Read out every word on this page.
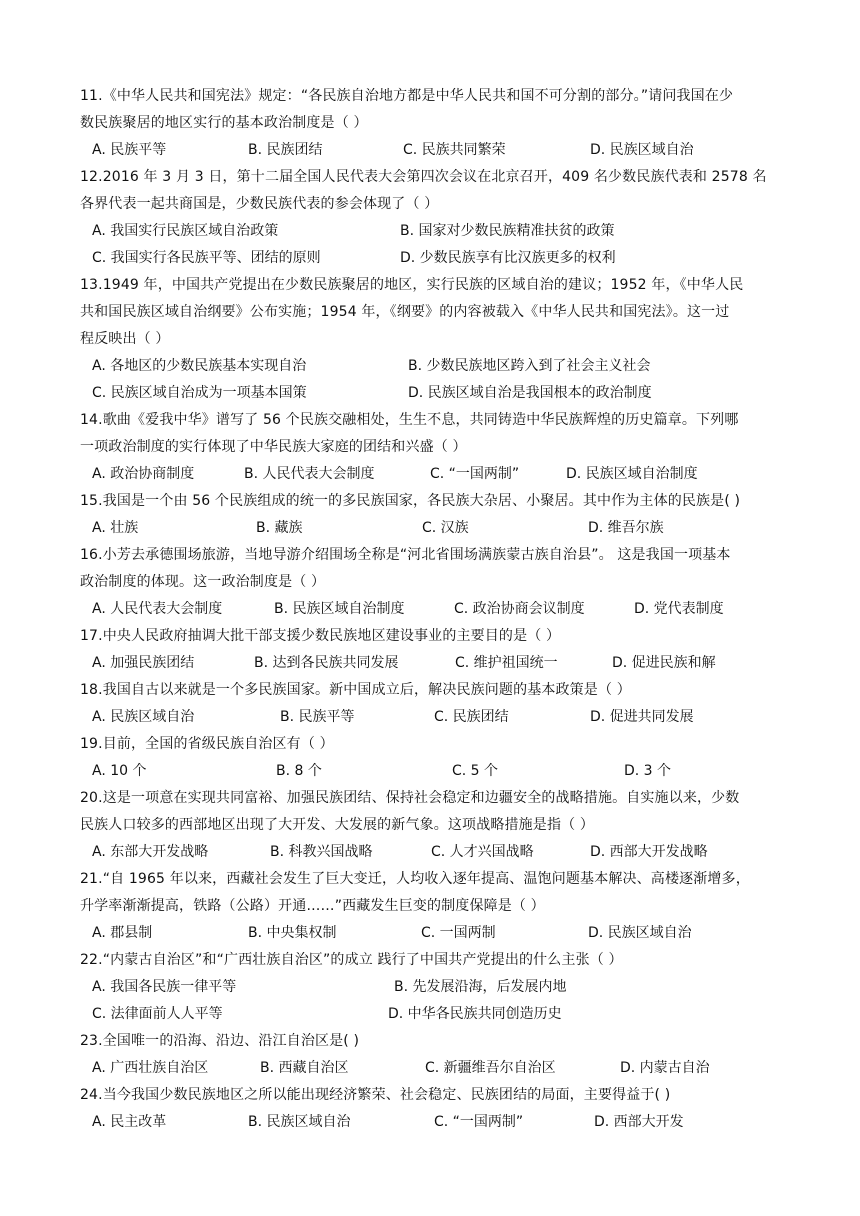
11.《中华人民共和国宪法》规定：“各民族自治地方都是中华人民共和国不可分割的部分。”请问我国在少
数民族聚居的地区实行的基本政治制度是（ ）
A. 民族平等	B. 民族团结	C. 民族共同繁荣	D. 民族区域自治
12.2016 年 3 月 3 日，第十二届全国人民代表大会第四次会议在北京召开，409 名少数民族代表和 2578 名
各界代表一起共商国是，少数民族代表的参会体现了（ ）
A. 我国实行民族区域自治政策	B. 国家对少数民族精准扶贫的政策
C. 我国实行各民族平等、团结的原则	D. 少数民族享有比汉族更多的权利
13.1949 年，中国共产党提出在少数民族聚居的地区，实行民族的区域自治的建议；1952 年，《中华人民
共和国民族区域自治纲要》公布实施；1954 年，《纲要》的内容被载入《中华人民共和国宪法》。这一过
程反映出（ ）
A. 各地区的少数民族基本实现自治	B. 少数民族地区跨入到了社会主义社会
C. 民族区域自治成为一项基本国策	D. 民族区域自治是我国根本的政治制度
14.歌曲《爱我中华》谱写了 56 个民族交融相处，生生不息，共同铸造中华民族辉煌的历史篇章。下列哪
一项政治制度的实行体现了中华民族大家庭的团结和兴盛（ ）
A. 政治协商制度	B. 人民代表大会制度	C. “一国两制”	D. 民族区域自治制度
15.我国是一个由 56 个民族组成的统一的多民族国家，各民族大杂居、小聚居。其中作为主体的民族是( )
A. 壮族	B. 藏族	C. 汉族	D. 维吾尔族
16.小芳去承德围场旅游，当地导游介绍围场全称是“河北省围场满族蒙古族自治县”。 这是我国一项基本
政治制度的体现。这一政治制度是（ ）
A. 人民代表大会制度	B. 民族区域自治制度	C. 政治协商会议制度	D. 党代表制度
17.中央人民政府抽调大批干部支援少数民族地区建设事业的主要目的是（ ）
A. 加强民族团结	B. 达到各民族共同发展	C. 维护祖国统一	D. 促进民族和解
18.我国自古以来就是一个多民族国家。新中国成立后，解决民族问题的基本政策是（ ）
A. 民族区域自治	B. 民族平等	C. 民族团结	D. 促进共同发展
19.目前，全国的省级民族自治区有（ ）
A. 10 个	B. 8 个	C. 5 个	D. 3 个
20.这是一项意在实现共同富裕、加强民族团结、保持社会稳定和边疆安全的战略措施。自实施以来，少数
民族人口较多的西部地区出现了大开发、大发展的新气象。这项战略措施是指（ ）
A. 东部大开发战略	B. 科教兴国战略	C. 人才兴国战略	D. 西部大开发战略
21.“自 1965 年以来，西藏社会发生了巨大变迁，人均收入逐年提高、温饱问题基本解决、高楼逐渐增多，
升学率渐渐提高，铁路（公路）开通……”西藏发生巨变的制度保障是（ ）
A. 郡县制	B. 中央集权制	C. 一国两制	D. 民族区域自治
22.“内蒙古自治区”和“广西壮族自治区”的成立 践行了中国共产党提出的什么主张（ ）
A. 我国各民族一律平等	B. 先发展沿海，后发展内地
C. 法律面前人人平等	D. 中华各民族共同创造历史
23.全国唯一的沿海、沿边、沿江自治区是( )
A. 广西壮族自治区	B. 西藏自治区	C. 新疆维吾尔自治区	D. 内蒙古自治
24.当今我国少数民族地区之所以能出现经济繁荣、社会稳定、民族团结的局面，主要得益于( )
A. 民主改革	B. 民族区域自治	C. “一国两制”	D. 西部大开发
